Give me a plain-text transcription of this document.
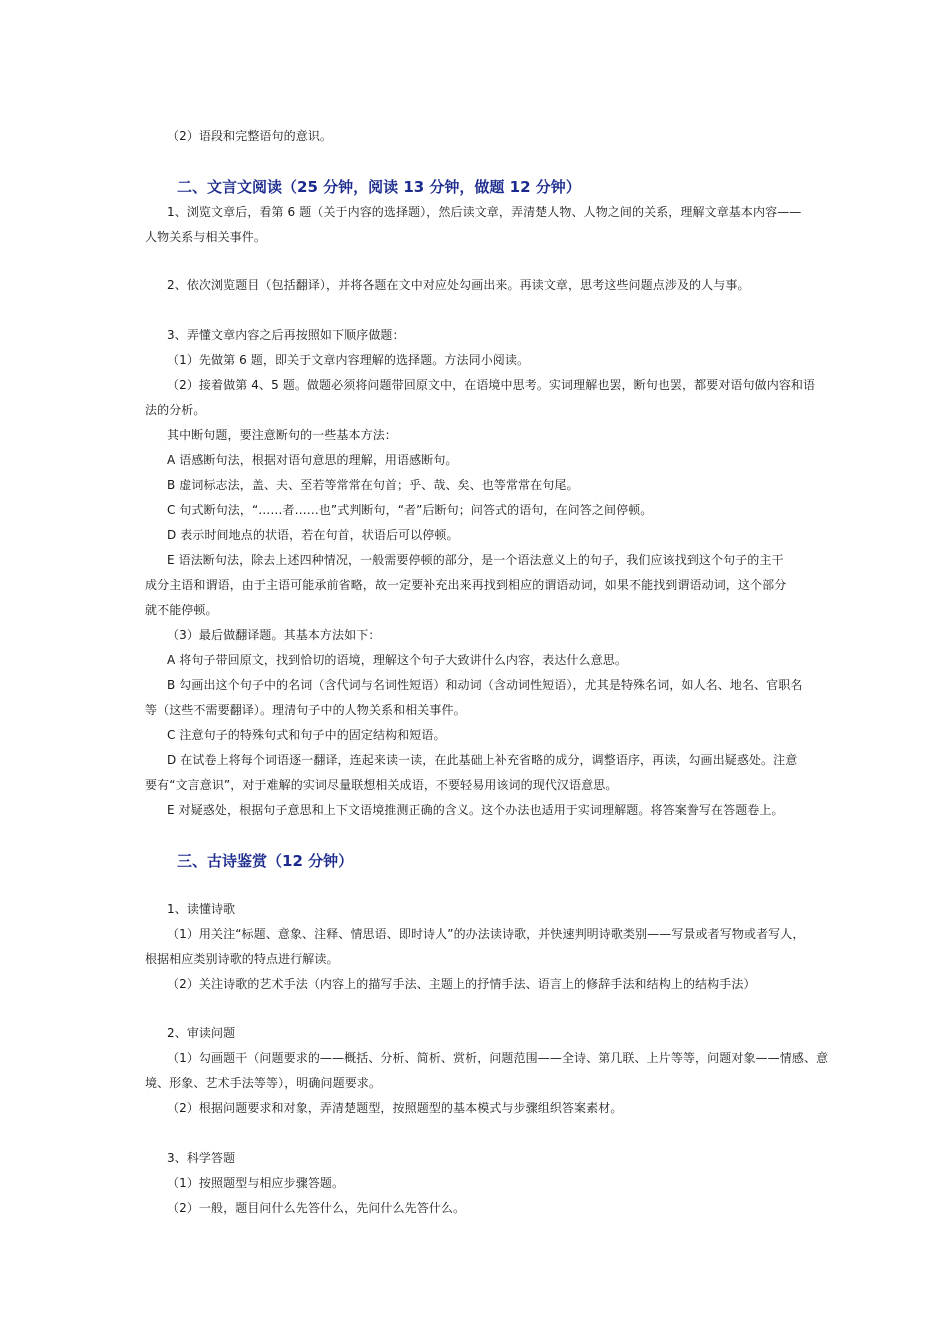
（2）语段和完整语句的意识。
二、文言文阅读（25 分钟，阅读 13 分钟，做题 12 分钟）
1、浏览文章后，看第 6 题（关于内容的选择题），然后读文章，弄清楚人物、人物之间的关系，理解文章基本内容——
人物关系与相关事件。
2、依次浏览题目（包括翻译），并将各题在文中对应处勾画出来。再读文章，思考这些问题点涉及的人与事。
3、弄懂文章内容之后再按照如下顺序做题：
（1）先做第 6 题，即关于文章内容理解的选择题。方法同小阅读。
（2）接着做第 4、5 题。做题必须将问题带回原文中，在语境中思考。实词理解也罢，断句也罢，都要对语句做内容和语
法的分析。
其中断句题，要注意断句的一些基本方法：
A 语感断句法，根据对语句意思的理解，用语感断句。
B 虚词标志法，盖、夫、至若等常常在句首；乎、哉、矣、也等常常在句尾。
C 句式断句法，“……者……也”式判断句，“者”后断句；问答式的语句，在问答之间停顿。
D 表示时间地点的状语，若在句首，状语后可以停顿。
E 语法断句法，除去上述四种情况，一般需要停顿的部分，是一个语法意义上的句子，我们应该找到这个句子的主干
成分主语和谓语，由于主语可能承前省略，故一定要补充出来再找到相应的谓语动词，如果不能找到谓语动词，这个部分
就不能停顿。
（3）最后做翻译题。其基本方法如下：
A 将句子带回原文，找到恰切的语境，理解这个句子大致讲什么内容，表达什么意思。
B 勾画出这个句子中的名词（含代词与名词性短语）和动词（含动词性短语），尤其是特殊名词，如人名、地名、官职名
等（这些不需要翻译）。理清句子中的人物关系和相关事件。
C 注意句子的特殊句式和句子中的固定结构和短语。
D 在试卷上将每个词语逐一翻译，连起来读一读，在此基础上补充省略的成分，调整语序，再读，勾画出疑惑处。注意
要有“文言意识”，对于难解的实词尽量联想相关成语，不要轻易用该词的现代汉语意思。
E 对疑惑处，根据句子意思和上下文语境推测正确的含义。这个办法也适用于实词理解题。将答案誊写在答题卷上。
三、古诗鉴赏（12 分钟）
1、读懂诗歌
（1）用关注“标题、意象、注释、情思语、即时诗人”的办法读诗歌，并快速判明诗歌类别——写景或者写物或者写人，
根据相应类别诗歌的特点进行解读。
（2）关注诗歌的艺术手法（内容上的描写手法、主题上的抒情手法、语言上的修辞手法和结构上的结构手法）
2、审读问题
（1）勾画题干（问题要求的——概括、分析、简析、赏析，问题范围——全诗、第几联、上片等等，问题对象——情感、意
境、形象、艺术手法等等），明确问题要求。
（2）根据问题要求和对象，弄清楚题型，按照题型的基本模式与步骤组织答案素材。
3、科学答题
（1）按照题型与相应步骤答题。
（2）一般，题目问什么先答什么，先问什么先答什么。
